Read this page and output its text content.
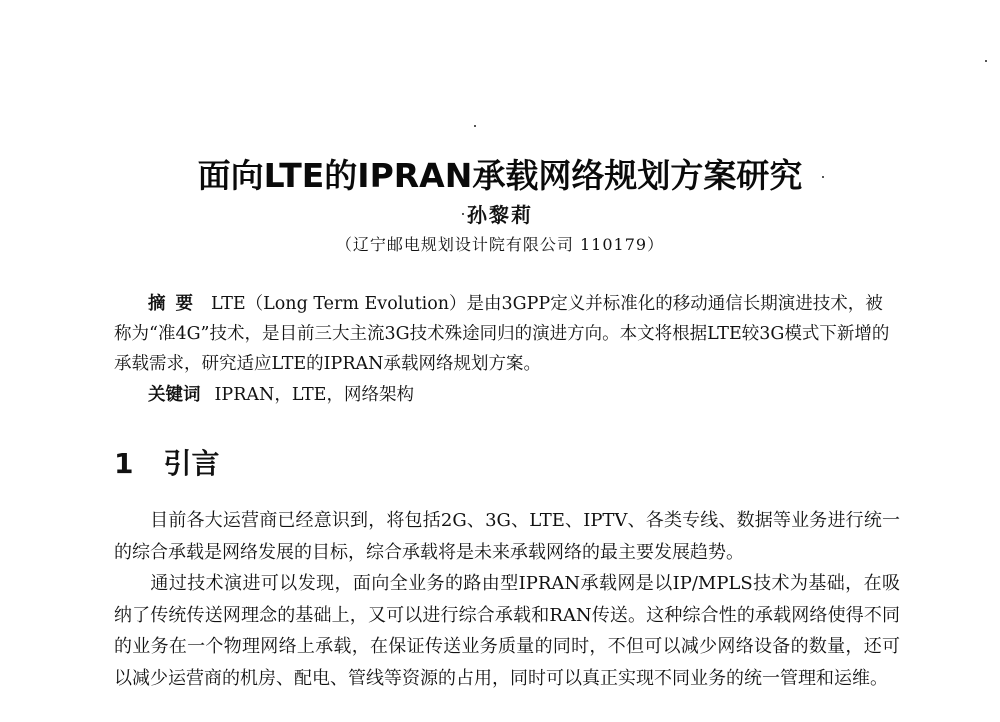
面向LTE的IPRAN承载网络规划方案研究
孙黎莉
（辽宁邮电规划设计院有限公司 110179）
摘要 LTE（Long Term Evolution）是由3GPP定义并标准化的移动通信长期演进技术，被称为“准4G”技术，是目前三大主流3G技术殊途同归的演进方向。本文将根据LTE较3G模式下新增的承载需求，研究适应LTE的IPRAN承载网络规划方案。
关键词 IPRAN，LTE，网络架构
1 引言
目前各大运营商已经意识到，将包括2G、3G、LTE、IPTV、各类专线、数据等业务进行统一的综合承载是网络发展的目标，综合承载将是未来承载网络的最主要发展趋势。
通过技术演进可以发现，面向全业务的路由型IPRAN承载网是以IP/MPLS技术为基础，在吸纳了传统传送网理念的基础上，又可以进行综合承载和RAN传送。这种综合性的承载网络使得不同的业务在一个物理网络上承载，在保证传送业务质量的同时，不但可以减少网络设备的数量，还可以减少运营商的机房、配电、管线等资源的占用，同时可以真正实现不同业务的统一管理和运维。
